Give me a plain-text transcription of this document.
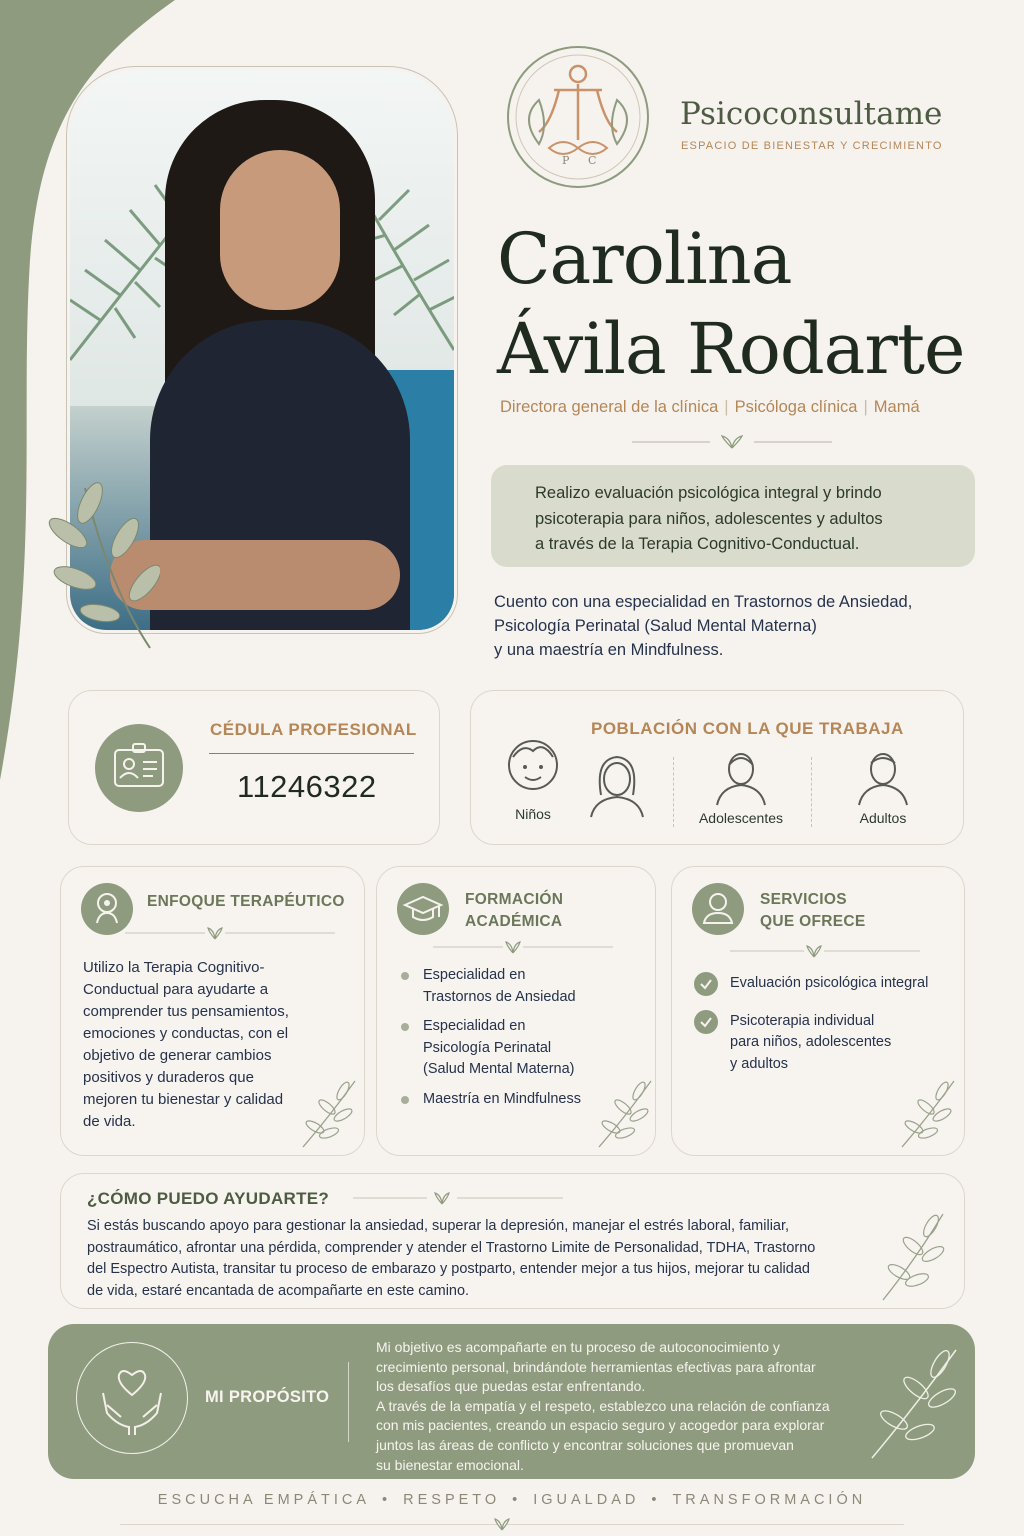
P C
Psicoconsultame
ESPACIO DE BIENESTAR Y CRECIMIENTO
Carolina
Ávila Rodarte
Directora general de la clínica | Psicóloga clínica | Mamá
Realizo evaluación psicológica integral y brindo
psicoterapia para niños, adolescentes y adultos
a través de la Terapia Cognitivo-Conductual.
Cuento con una especialidad en Trastornos de Ansiedad,
Psicología Perinatal (Salud Mental Materna)
y una maestría en Mindfulness.
CÉDULA PROFESIONAL
11246322
POBLACIÓN CON LA QUE TRABAJA
Niños	Adolescentes	Adultos
ENFOQUE TERAPÉUTICO
Utilizo la Terapia Cognitivo-
Conductual para ayudarte a
comprender tus pensamientos,
emociones y conductas, con el
objetivo de generar cambios
positivos y duraderos que
mejoren tu bienestar y calidad
de vida.
FORMACIÓN
ACADÉMICA
Especialidad en
Trastornos de Ansiedad
Especialidad en
Psicología Perinatal
(Salud Mental Materna)
Maestría en Mindfulness
SERVICIOS
QUE OFRECE
Evaluación psicológica integral
Psicoterapia individual
para niños, adolescentes
y adultos
¿CÓMO PUEDO AYUDARTE?
Si estás buscando apoyo para gestionar la ansiedad, superar la depresión, manejar el estrés laboral, familiar,
postraumático, afrontar una pérdida, comprender y atender el Trastorno Limite de Personalidad, TDHA, Trastorno
del Espectro Autista, transitar tu proceso de embarazo y postparto, entender mejor a tus hijos, mejorar tu calidad
de vida, estaré encantada de acompañarte en este camino.
MI PROPÓSITO
Mi objetivo es acompañarte en tu proceso de autoconocimiento y
crecimiento personal, brindándote herramientas efectivas para afrontar
los desafíos que puedas estar enfrentando.
A través de la empatía y el respeto, establezco una relación de confianza
con mis pacientes, creando un espacio seguro y acogedor para explorar
juntos las áreas de conflicto y encontrar soluciones que promuevan
su bienestar emocional.
ESCUCHA EMPÁTICA • RESPETO • IGUALDAD • TRANSFORMACIÓN
